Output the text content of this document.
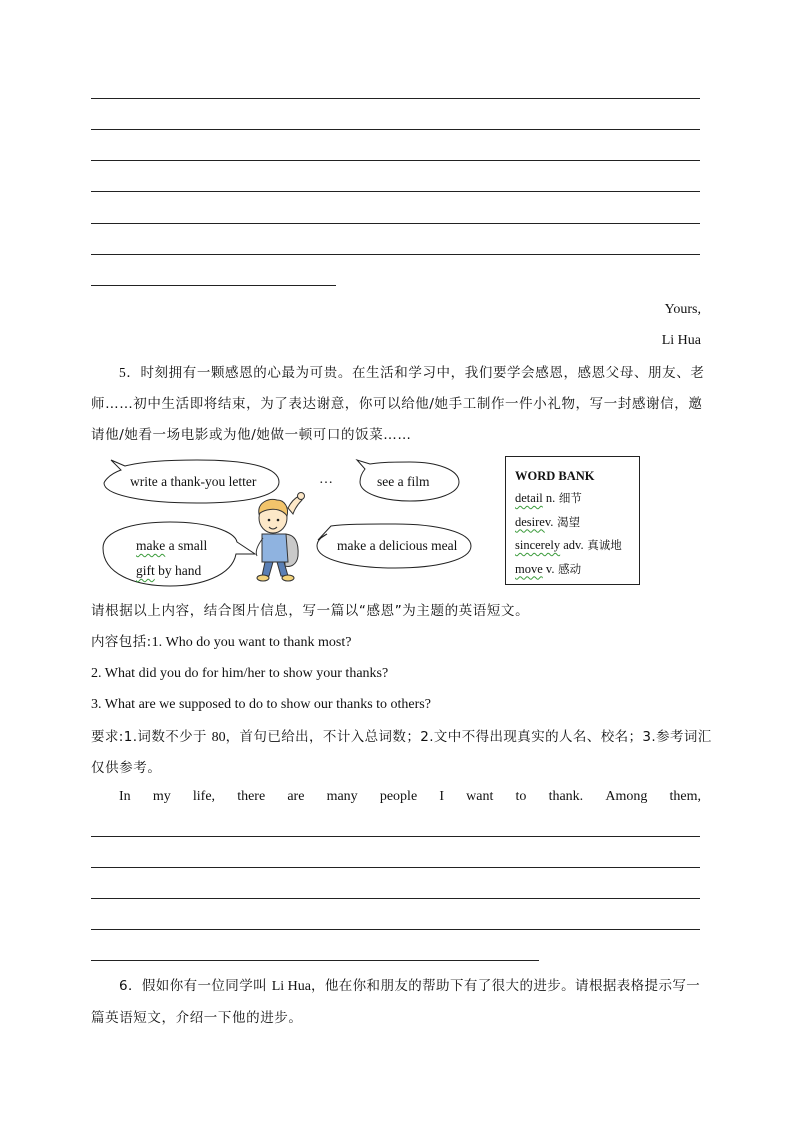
Yours,
Li Hua
5．时刻拥有一颗感恩的心最为可贵。在生活和学习中，我们要学会感恩，感恩父母、朋友、老
师……初中生活即将结束，为了表达谢意，你可以给他/她手工制作一件小礼物，写一封感谢信，邀
请他/她看一场电影或为他/她做一顿可口的饭菜……
write a thank-you letter	…	see a film
make a small
gift by hand
make a delicious meal
WORD BANK
detail n. 细节
desirev. 渴望
sincerely adv. 真诚地
move v. 感动
请根据以上内容，结合图片信息，写一篇以“感恩”为主题的英语短文。
内容包括:1. Who do you want to thank most?
2. What did you do for him/her to show your thanks?
3. What are we supposed to do to show our thanks to others?
要求:1.词数不少于 80，首句已给出，不计入总词数；2.文中不得出现真实的人名、校名；3.参考词汇
仅供参考。
In my life, there are many people I want to thank. Among them,
6．假如你有一位同学叫 Li Hua，他在你和朋友的帮助下有了很大的进步。请根据表格提示写一
篇英语短文，介绍一下他的进步。
